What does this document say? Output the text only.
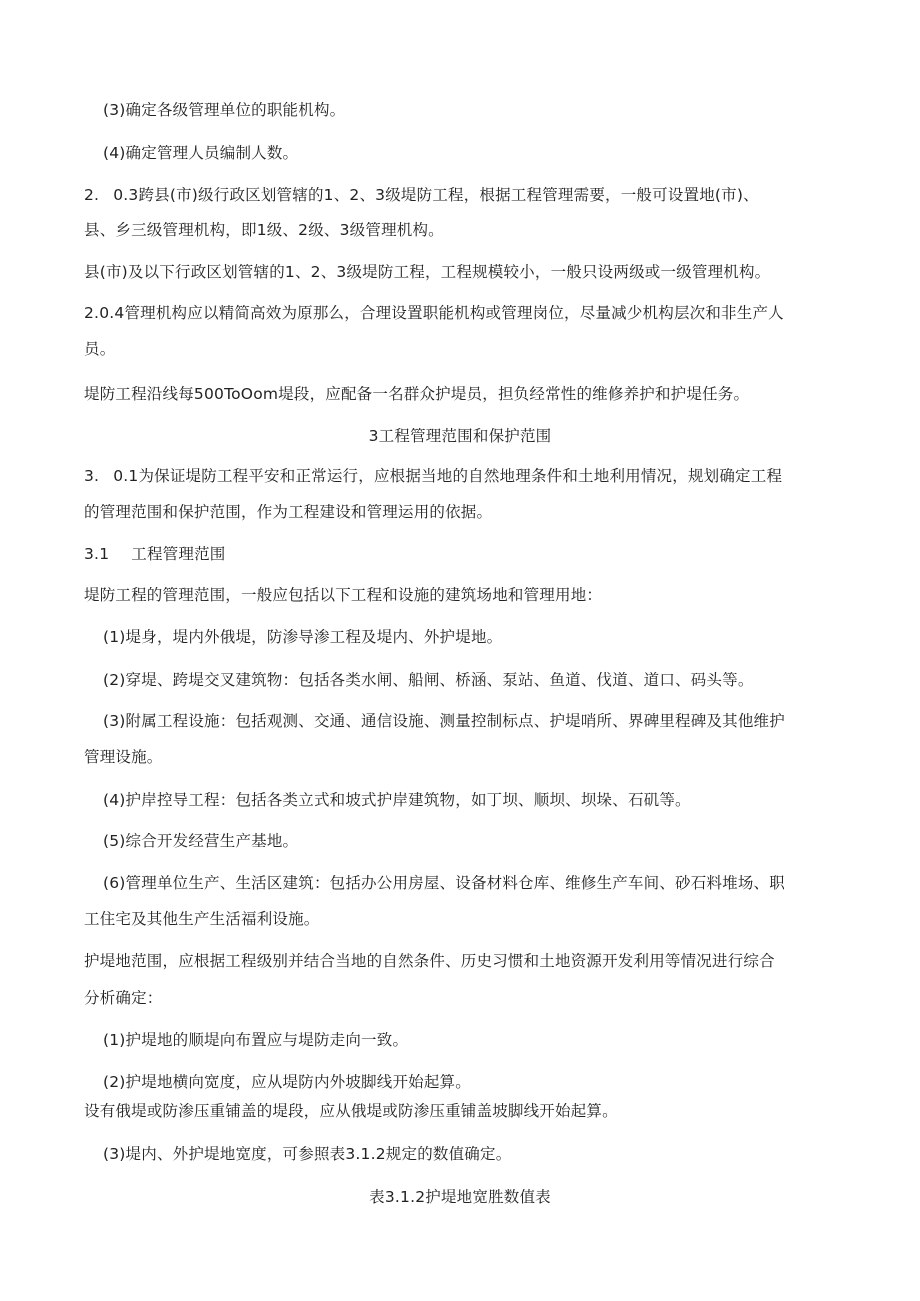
(3)确定各级管理单位的职能机构。
(4)确定管理人员编制人数。
2. 0.3跨县(市)级行政区划管辖的1、2、3级堤防工程，根据工程管理需要，一般可设置地(市)、
县、乡三级管理机构，即1级、2级、3级管理机构。
县(市)及以下行政区划管辖的1、2、3级堤防工程，工程规模较小，一般只设两级或一级管理机构。
2.0.4管理机构应以精简高效为原那么，合理设置职能机构或管理岗位，尽量减少机构层次和非生产人
员。
堤防工程沿线每500ToOom堤段，应配备一名群众护堤员，担负经常性的维修养护和护堤任务。
3工程管理范围和保护范围
3. 0.1为保证堤防工程平安和正常运行，应根据当地的自然地理条件和土地利用情况，规划确定工程
的管理范围和保护范围，作为工程建设和管理运用的依据。
3.1 工程管理范围
堤防工程的管理范围，一般应包括以下工程和设施的建筑场地和管理用地：
(1)堤身，堤内外俄堤，防渗导渗工程及堤内、外护堤地。
(2)穿堤、跨堤交叉建筑物：包括各类水闸、船闸、桥涵、泵站、鱼道、伐道、道口、码头等。
(3)附属工程设施：包括观测、交通、通信设施、测量控制标点、护堤哨所、界碑里程碑及其他维护
管理设施。
(4)护岸控导工程：包括各类立式和坡式护岸建筑物，如丁坝、顺坝、坝垛、石矶等。
(5)综合开发经营生产基地。
(6)管理单位生产、生活区建筑：包括办公用房屋、设备材料仓库、维修生产车间、砂石料堆场、职
工住宅及其他生产生活福利设施。
护堤地范围，应根据工程级别并结合当地的自然条件、历史习惯和土地资源开发利用等情况进行综合
分析确定：
(1)护堤地的顺堤向布置应与堤防走向一致。
(2)护堤地横向宽度，应从堤防内外坡脚线开始起算。
设有俄堤或防渗压重铺盖的堤段，应从俄堤或防渗压重铺盖坡脚线开始起算。
(3)堤内、外护堤地宽度，可参照表3.1.2规定的数值确定。
表3.1.2护堤地宽胜数值表
